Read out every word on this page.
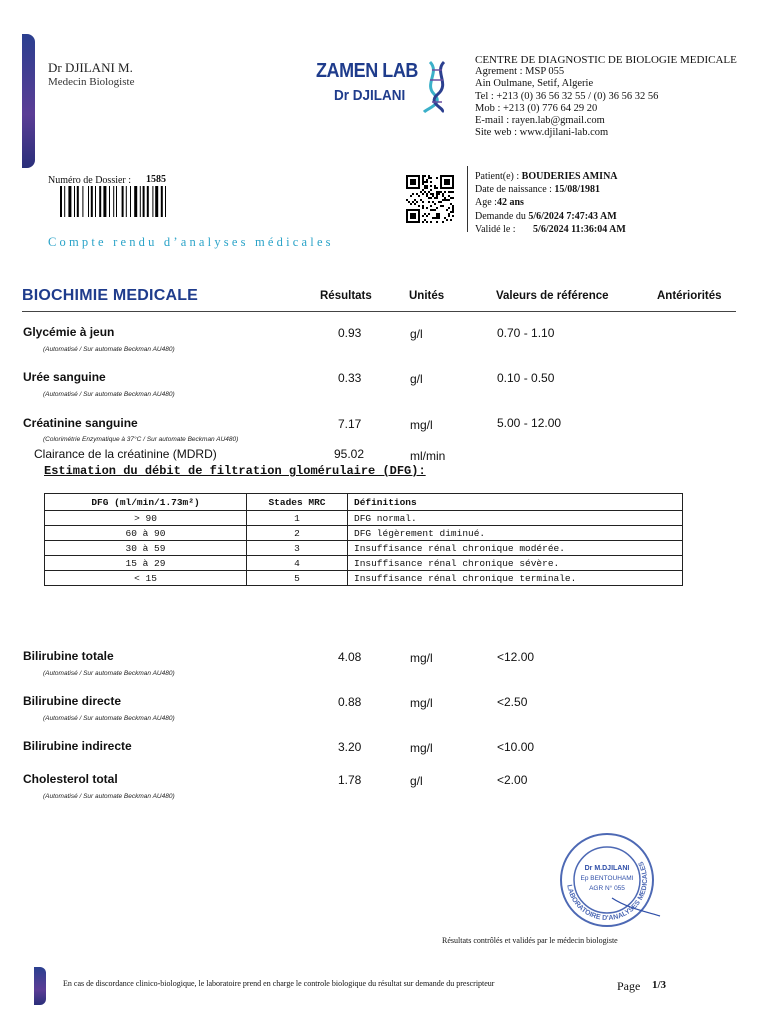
Dr DJILANI M.
Medecin Biologiste	ZAMEN LAB
Dr DJILANI
CENTRE DE DIAGNOSTIC DE BIOLOGIE MEDICALE
Agrement : MSP 055
Ain Oulmane, Setif, Algerie
Tel : +213 (0) 36 56 32 55 / (0) 36 56 32 56
Mob : +213 (0) 776 64 29 20
E-mail : rayen.lab@gmail.com
Site web : www.djilani-lab.com
Numéro de Dossier : 1585	Patient(e) : BOUDERIES AMINA
Date de naissance : 15/08/1981
Age :42 ans
Demande du 5/6/2024 7:47:43 AM
Validé le : 5/6/2024 11:36:04 AM
Compte rendu d’analyses médicales
BIOCHIMIE MEDICALE	Résultats	Unités	Valeurs de référence	Antériorités
Glycémie à jeun
(Automatisé / Sur automate Beckman AU480)
0.93	g/l	0.70 - 1.10
Urée sanguine
(Automatisé / Sur automate Beckman AU480)
0.33	g/l	0.10 - 0.50
Créatinine sanguine
(Colorimétrie Enzymatique à 37°C / Sur automate Beckman AU480)
7.17	mg/l	5.00 - 12.00
Clairance de la créatinine (MDRD)	95.02	ml/min
Estimation du débit de filtration glomérulaire (DFG):
DFG (ml/min/1.73m²)	Stades MRC	Définitions
> 90	1	DFG normal.
60 à 90	2	DFG légèrement diminué.
30 à 59	3	Insuffisance rénal chronique modérée.
15 à 29	4	Insuffisance rénal chronique sévère.
< 15	5	Insuffisance rénal chronique terminale.
Bilirubine totale
(Automatisé / Sur automate Beckman AU480)
4.08	mg/l	<12.00
Bilirubine directe
(Automatisé / Sur automate Beckman AU480)
0.88	mg/l	<2.50
Bilirubine indirecte	3.20	mg/l	<10.00
Cholesterol total
(Automatisé / Sur automate Beckman AU480)
1.78	g/l	<2.00
LABORATOIRE D'ANALYSES MEDICALES
Dr M.DJILANI
Ep BENTOUHAMI
AGR N° 055
Résultats contrôlés et validés par le médecin biologiste
En cas de discordance clinico-biologique, le laboratoire prend en charge le controle biologique du résultat sur demande du prescripteur	Page 1/3
